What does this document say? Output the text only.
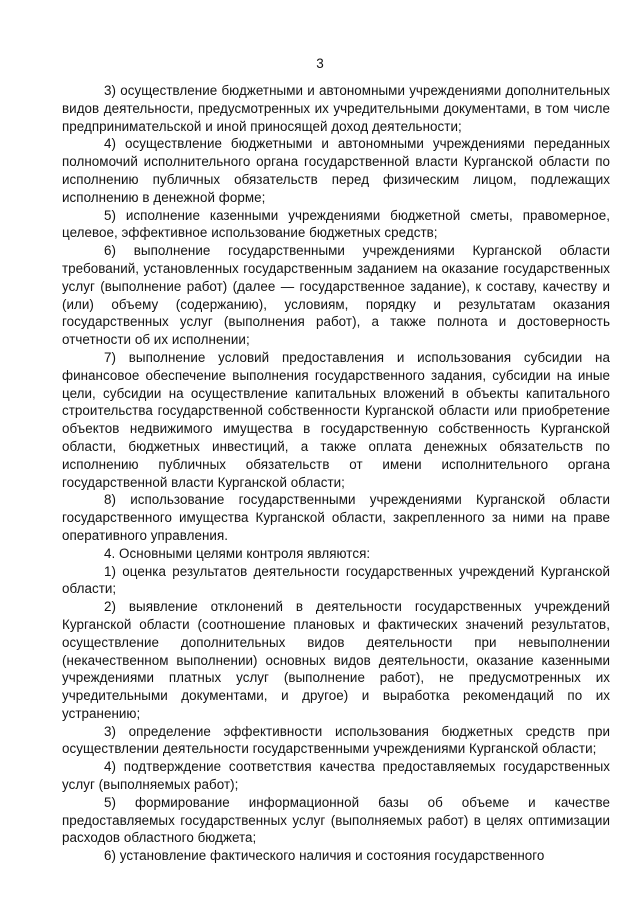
3

3) осуществление бюджетными и автономными учреждениями дополнительных видов деятельности, предусмотренных их учредительными документами, в том числе предпринимательской и иной приносящей доход деятельности;

4) осуществление бюджетными и автономными учреждениями переданных полномочий исполнительного органа государственной власти Курганской области по исполнению публичных обязательств перед физическим лицом, подлежащих исполнению в денежной форме;

5) исполнение казенными учреждениями бюджетной сметы, правомерное, целевое, эффективное использование бюджетных средств;

6) выполнение государственными учреждениями Курганской области требований, установленных государственным заданием на оказание государственных услуг (выполнение работ) (далее — государственное задание), к составу, качеству и (или) объему (содержанию), условиям, порядку и результатам оказания государственных услуг (выполнения работ), а также полнота и достоверность отчетности об их исполнении;

7) выполнение условий предоставления и использования субсидии на финансовое обеспечение выполнения государственного задания, субсидии на иные цели, субсидии на осуществление капитальных вложений в объекты капитального строительства государственной собственности Курганской области или приобретение объектов недвижимого имущества в государственную собственность Курганской области, бюджетных инвестиций, а также оплата денежных обязательств по исполнению публичных обязательств от имени исполнительного органа государственной власти Курганской области;

8) использование государственными учреждениями Курганской области государственного имущества Курганской области, закрепленного за ними на праве оперативного управления.

4. Основными целями контроля являются:

1) оценка результатов деятельности государственных учреждений Курганской области;

2) выявление отклонений в деятельности государственных учреждений Курганской области (соотношение плановых и фактических значений результатов, осуществление дополнительных видов деятельности при невыполнении (некачественном выполнении) основных видов деятельности, оказание казенными учреждениями платных услуг (выполнение работ), не предусмотренных их учредительными документами, и другое) и выработка рекомендаций по их устранению;

3) определение эффективности использования бюджетных средств при осуществлении деятельности государственными учреждениями Курганской области;

4) подтверждение соответствия качества предоставляемых государственных услуг (выполняемых работ);

5) формирование информационной базы об объеме и качестве предоставляемых государственных услуг (выполняемых работ) в целях оптимизации расходов областного бюджета;

6) установление фактического наличия и состояния государственного
